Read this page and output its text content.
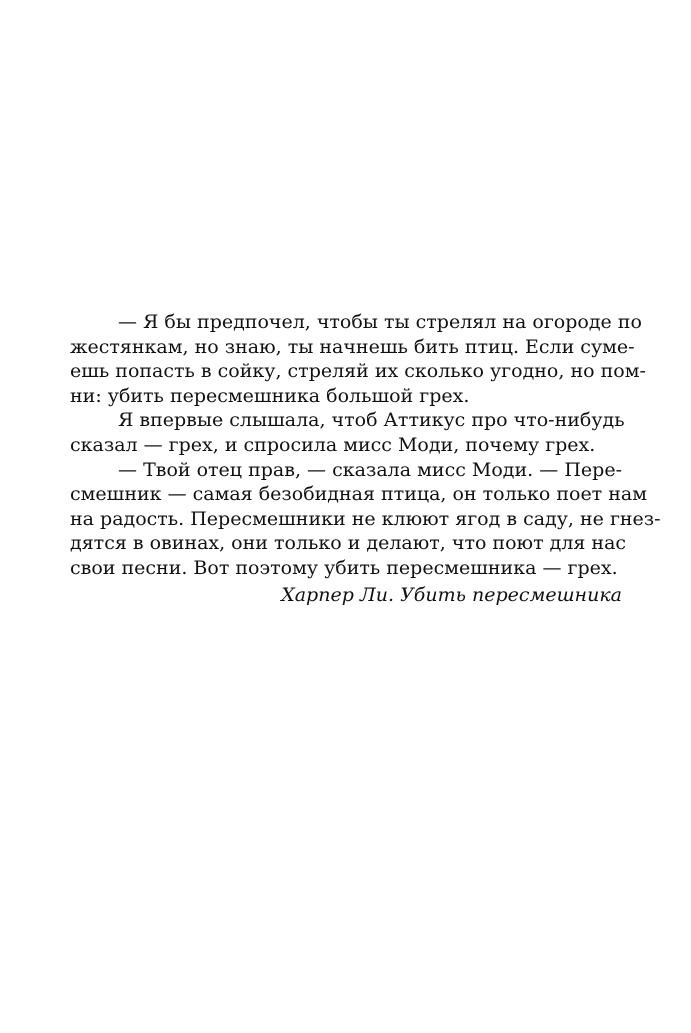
— Я бы предпочел, чтобы ты стрелял на огороде по
жестянкам, но знаю, ты начнешь бить птиц. Если суме-
ешь попасть в сойку, стреляй их сколько угодно, но пом-
ни: убить пересмешника большой грех.
Я впервые слышала, чтоб Аттикус про что-нибудь
сказал — грех, и спросила мисс Моди, почему грех.
— Твой отец прав, — сказала мисс Моди. — Пере-
смешник — самая безобидная птица, он только поет нам
на радость. Пересмешники не клюют ягод в саду, не гнез-
дятся в овинах, они только и делают, что поют для нас
свои песни. Вот поэтому убить пересмешника — грех.
Харпер Ли. Убить пересмешника
